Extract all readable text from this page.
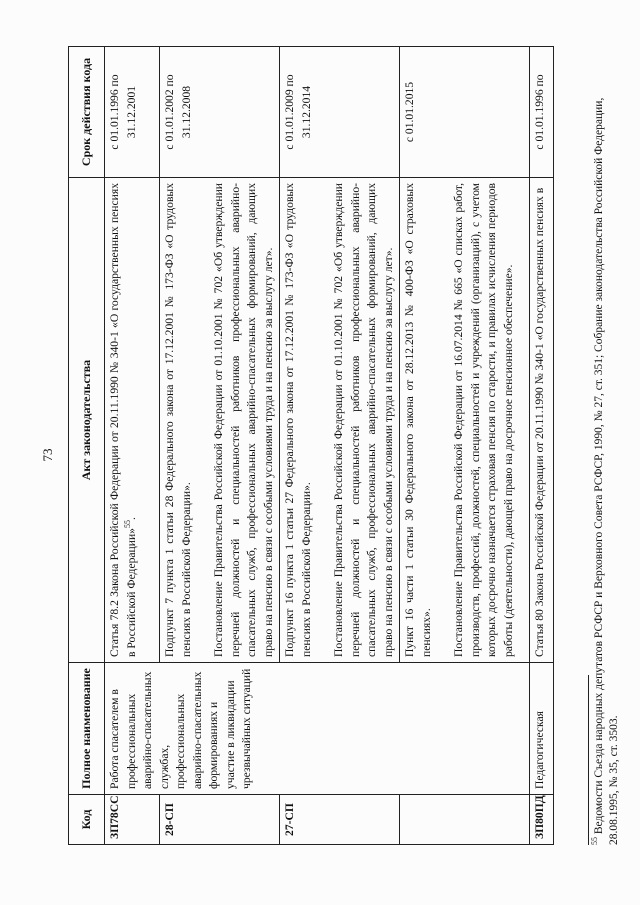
73
Код	Полное наименование	Акт законодательства	Срок действия кода
ЗП78СС	Работа спасателем в профессиональных аварийно-спасательных службах, профессиональных аварийно-спасательных формированиях и участие в ликвидации чрезвычайных ситуаций	Статья 78.2 Закона Российской Федерации от 20.11.1990 № 340-1 «О государственных пенсиях в Российской Федерации»$^{55}$.	с 01.01.1996 по 31.12.2001
28-СП		Подпункт 7 пункта 1 статьи 28 Федерального закона от 17.12.2001 № 173-ФЗ «О трудовых пенсиях в Российской Федерации». Постановление Правительства Российской Федерации от 01.10.2001 № 702 «Об утверждении перечней должностей и специальностей работников профессиональных аварийно-спасательных служб, профессиональных аварийно-спасательных формирований, дающих право на пенсию в связи с особыми условиями труда и на пенсию за выслугу лет».	с 01.01.2002 по 31.12.2008
27-СП		Подпункт 16 пункта 1 статьи 27 Федерального закона от 17.12.2001 № 173-ФЗ «О трудовых пенсиях в Российской Федерации». Постановление Правительства Российской Федерации от 01.10.2001 № 702 «Об утверждении перечней должностей и специальностей работников профессиональных аварийно-спасательных служб, профессиональных аварийно-спасательных формирований, дающих право на пенсию в связи с особыми условиями труда и на пенсию за выслугу лет».	с 01.01.2009 по 31.12.2014

		Пункт 16 части 1 статьи 30 Федерального закона от 28.12.2013 № 400-ФЗ «О страховых пенсиях». Постановление Правительства Российской Федерации от 16.07.2014 № 665 «О списках работ, производств, профессий, должностей, специальностей и учреждений (организаций), с учетом которых досрочно назначается страховая пенсия по старости, и правилах исчисления периодов работы (деятельности), дающей право на досрочное пенсионное обеспечение».	с 01.01.2015
ЗП80ПД	Педагогическая	Статья 80 Закона Российской Федерации от 20.11.1990 № 340-1 «О государственных пенсиях в	с 01.01.1996 по
$^{55}$ Ведомости Съезда народных депутатов РСФСР и Верховного Совета РСФСР, 1990, № 27, ст. 351; Собрание законодательства Российской Федерации, 28.08.1995, № 35, ст. 3503.
